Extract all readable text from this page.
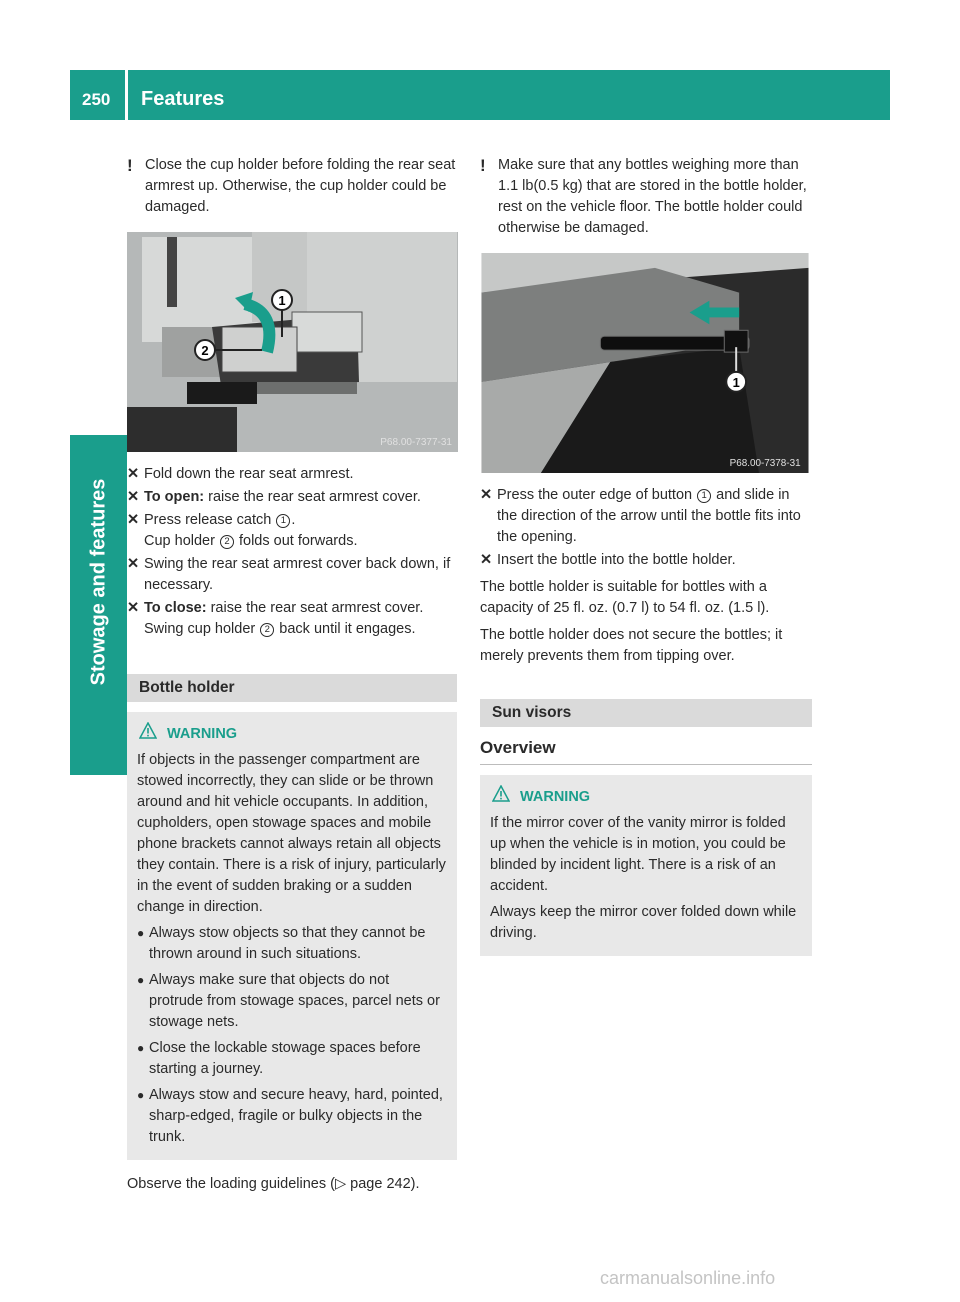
250 Features
Stowage and features

! Close the cup holder before folding the rear seat armrest up. Otherwise, the cup holder could be damaged.

1
2
P68.00-7377-31
✕ Fold down the rear seat armrest.
✕ To open: raise the rear seat armrest cover.
✕ Press release catch 1 .
Cup holder 2 folds out forwards.
✕ Swing the rear seat armrest cover back down, if necessary.
✕ To close: raise the rear seat armrest cover.
Swing cup holder 2 back until it engages.
Bottle holder
WARNING

If objects in the passenger compartment are stowed incorrectly, they can slide or be thrown around and hit vehicle occupants. In addition, cupholders, open stowage spaces and mobile phone brackets cannot always retain all objects they contain. There is a risk of injury, particularly in the event of sudden braking or a sudden change in direction.

● Always stow objects so that they cannot be thrown around in such situations.

● Always make sure that objects do not protrude from stowage spaces, parcel nets or stowage nets.

● Close the lockable stowage spaces before starting a journey.

● Always stow and secure heavy, hard, pointed, sharp-edged, fragile or bulky objects in the trunk.

Observe the loading guidelines (▷ page 242).

! Make sure that any bottles weighing more than 1.1 lb(0.5 kg) that are stored in the bottle holder, rest on the vehicle floor. The bottle holder could otherwise be damaged.

1
P68.00-7378-31
✕ Press the outer edge of button 1 and slide in the direction of the arrow until the bottle fits into the opening.
✕ Insert the bottle into the bottle holder.

The bottle holder is suitable for bottles with a capacity of 25 fl. oz. (0.7 l) to 54 fl. oz. (1.5 l).

The bottle holder does not secure the bottles; it merely prevents them from tipping over.

Sun visors
Overview
WARNING

If the mirror cover of the vanity mirror is folded up when the vehicle is in motion, you could be blinded by incident light. There is a risk of an accident.

Always keep the mirror cover folded down while driving.

carmanualsonline.info
